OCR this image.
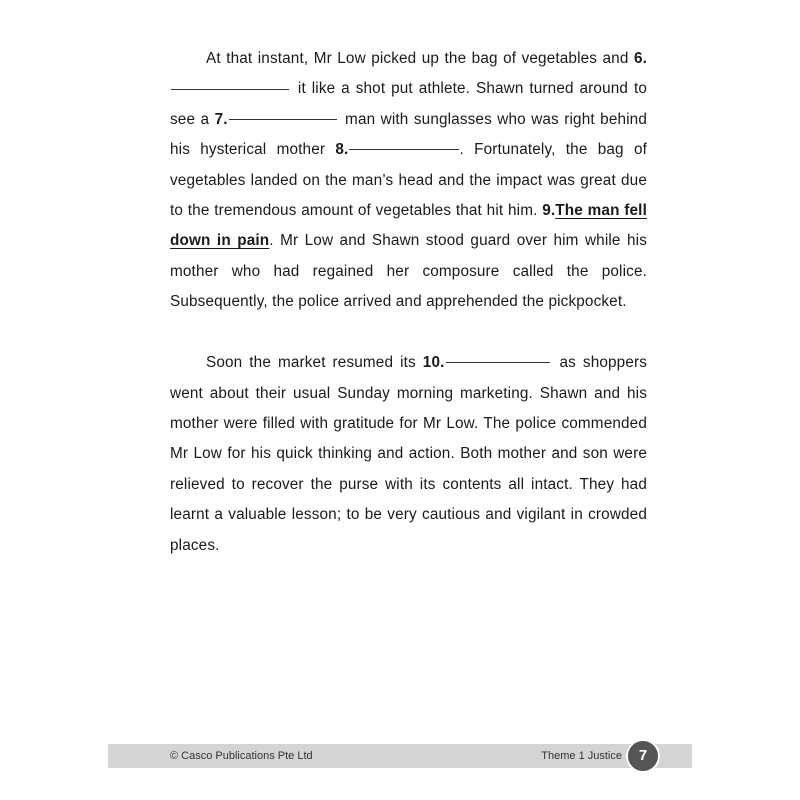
At that instant, Mr Low picked up the bag of vegetables and 6. it like a shot put athlete. Shawn turned around to see a 7.	man with sunglasses who was right behind his hysterical mother 8.	. Fortunately, the bag of vegetables landed on the man’s head and the impact was great due to the tremendous amount of vegetables that hit him. 9.The man fell down in pain. Mr Low and Shawn stood guard over him while his mother who had regained her composure called the police. Subsequently, the police arrived and apprehended the pickpocket.

Soon the market resumed its 10.	as shoppers went about their usual Sunday morning marketing. Shawn and his mother were filled with gratitude for Mr Low. The police commended Mr Low for his quick thinking and action. Both mother and son were relieved to recover the purse with its contents all intact. They had learnt a valuable lesson; to be very cautious and vigilant in crowded places.

© Casco Publications Pte Ltd	Theme 1 Justice	7
